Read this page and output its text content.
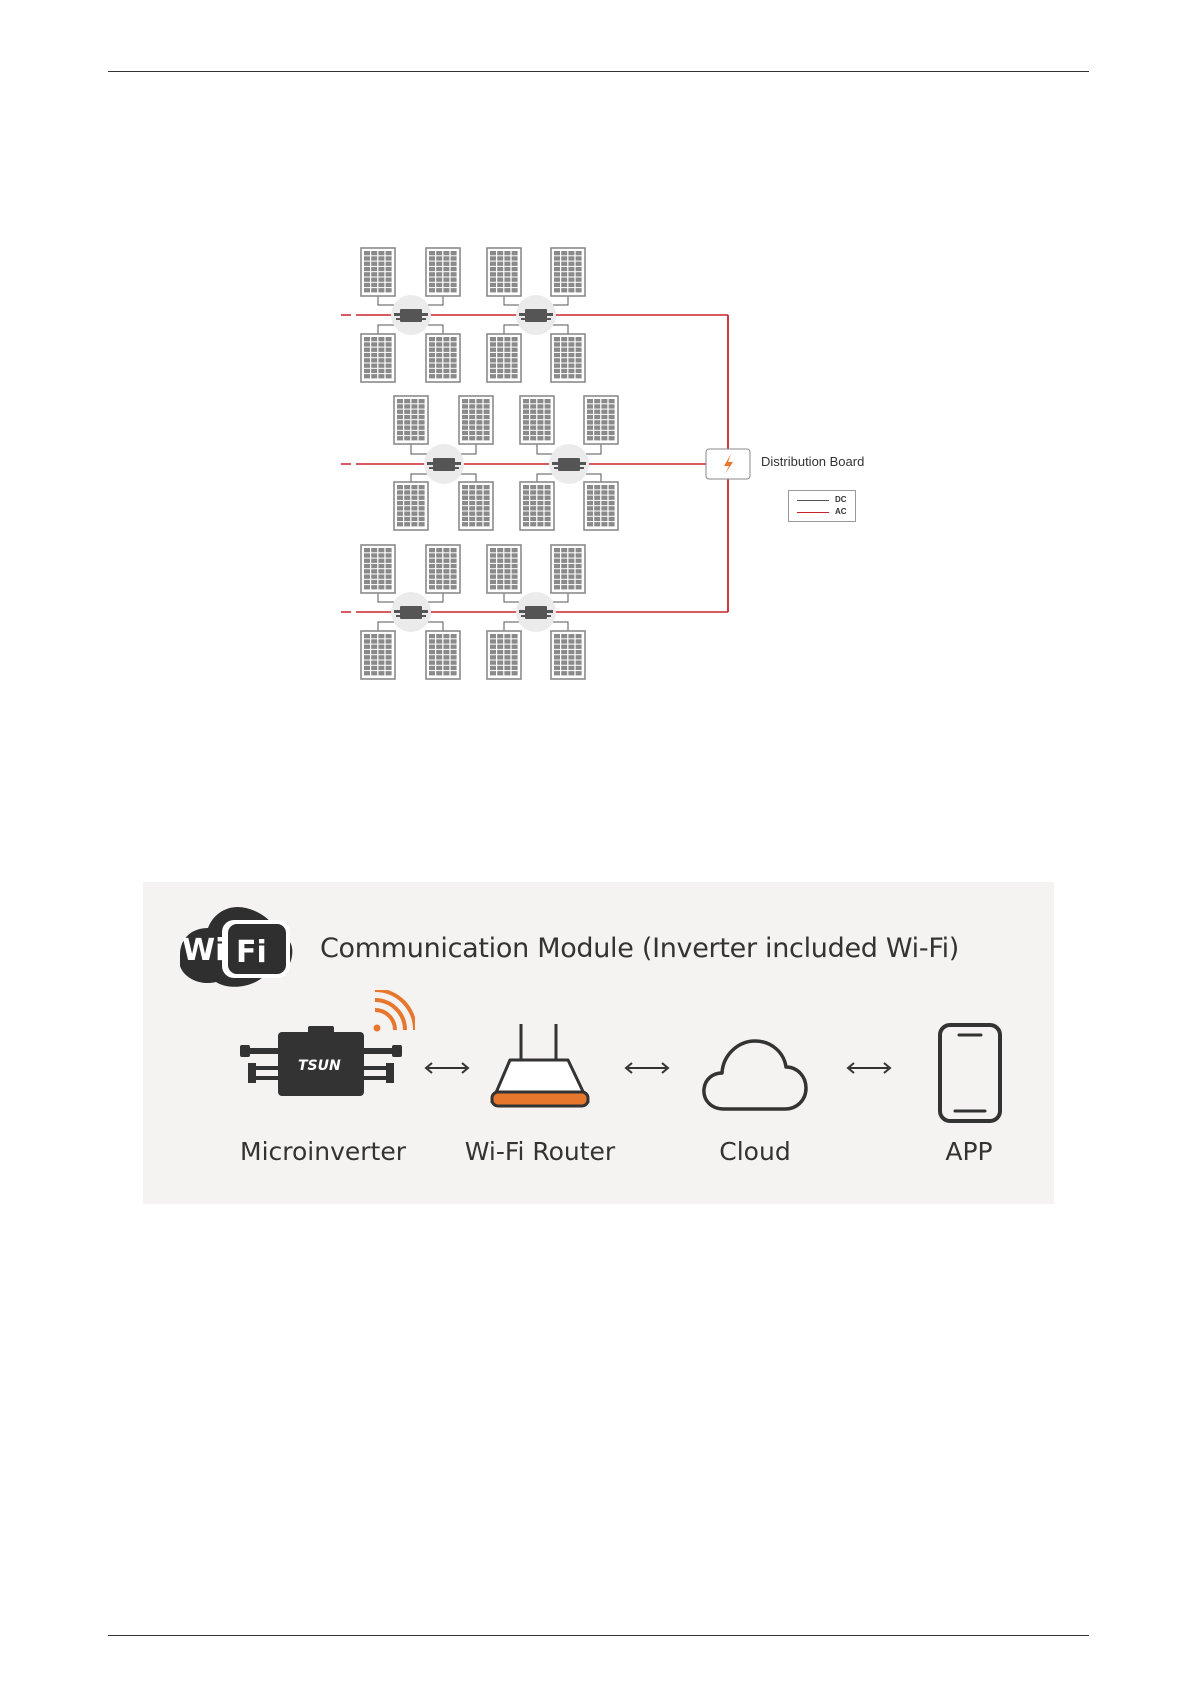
Distribution Board
DC
AC
Wi Fi Communication Module (Inverter included Wi-Fi)
TSUN
Microinverter	Wi-Fi Router	Cloud	APP
